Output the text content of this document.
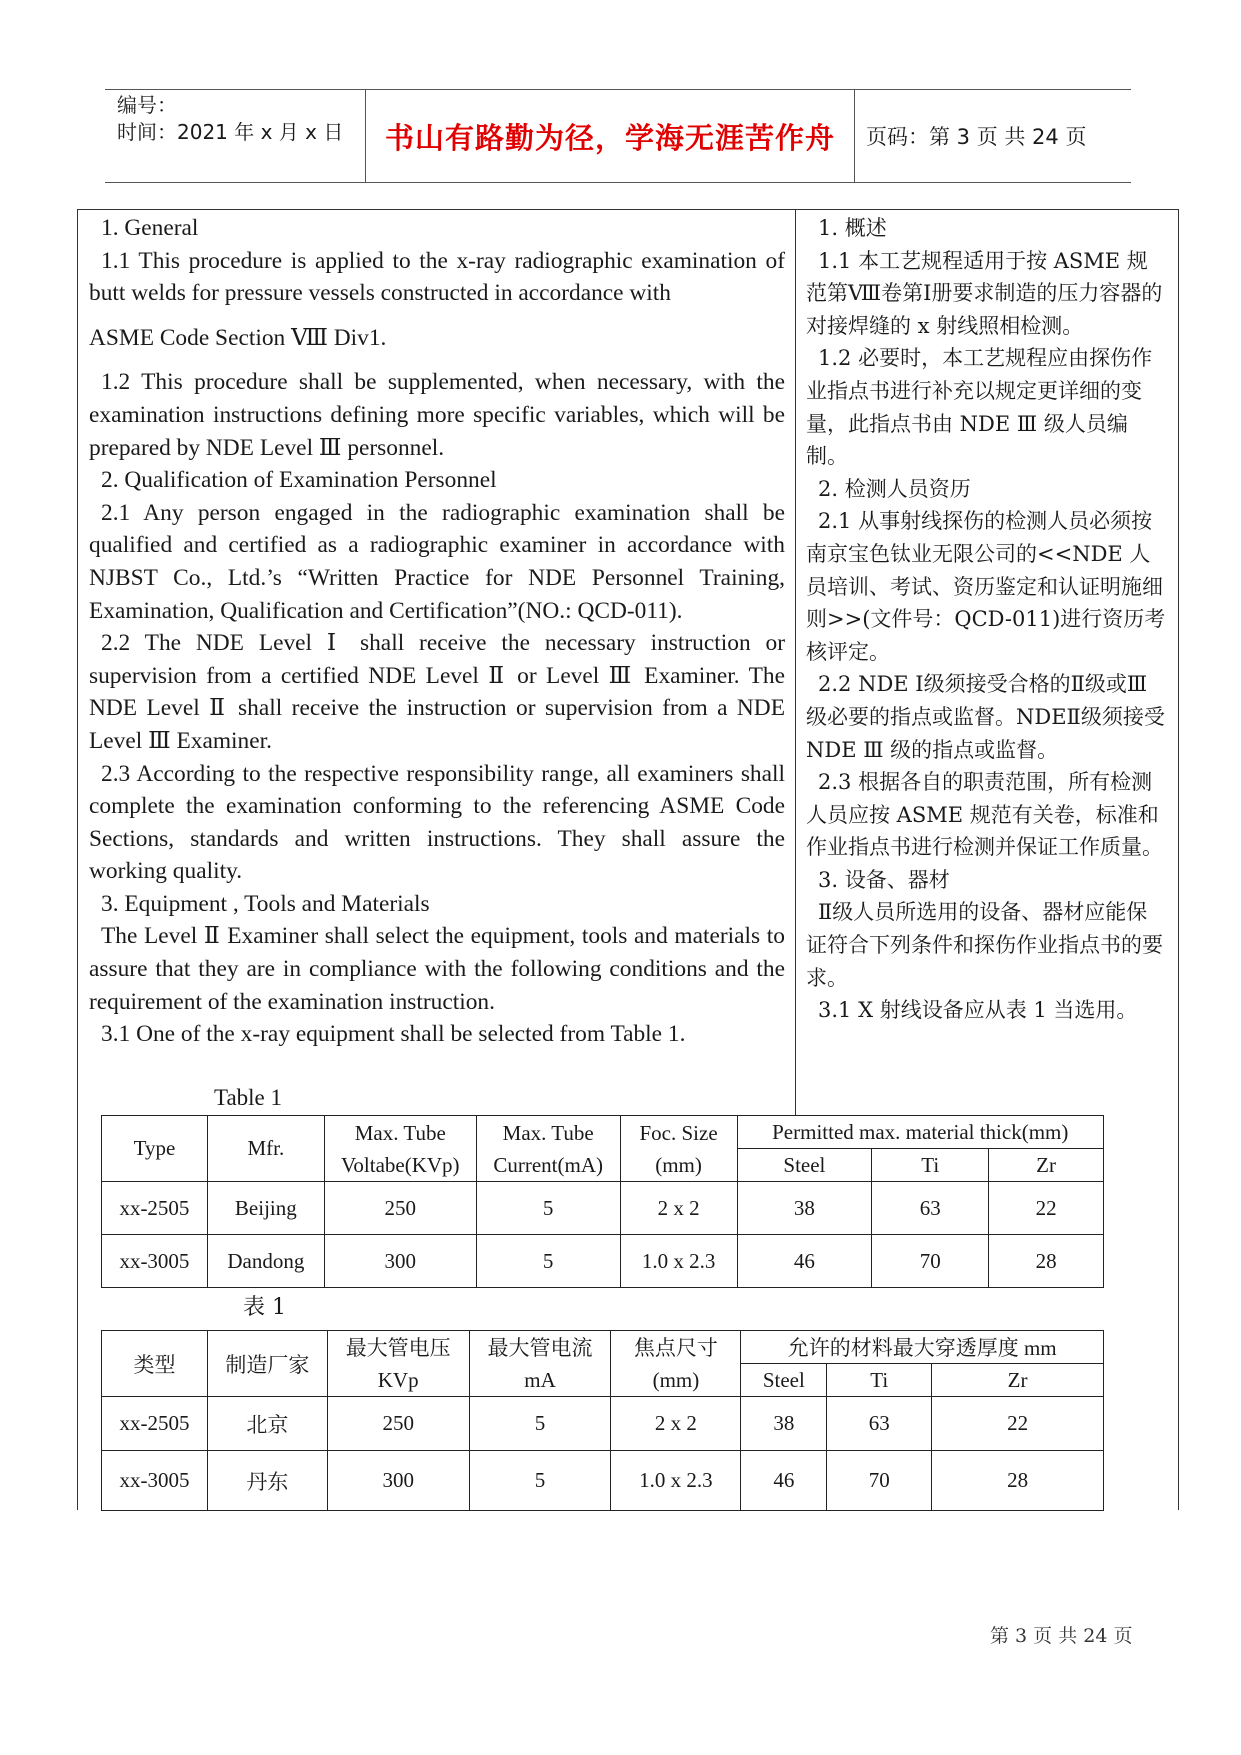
编号：
时间：2021 年 x 月 x 日	书山有路勤为径，学海无涯苦作舟	页码：第 3 页 共 24 页

1. General

1.1 This procedure is applied to the x-ray radiographic examination of butt welds for pressure vessels constructed in accordance with

ASME Code Section Ⅷ Div1.

1.2 This procedure shall be supplemented, when necessary, with the examination instructions defining more specific variables, which will be prepared by NDE Level Ⅲ personnel.

2. Qualification of Examination Personnel

2.1 Any person engaged in the radiographic examination shall be qualified and certified as a radiographic examiner in accordance with NJBST Co., Ltd.’s “Written Practice for NDE Personnel Training, Examination, Qualification and Certification”(NO.: QCD-011).

2.2 The NDE Level Ⅰ shall receive the necessary instruction or supervision from a certified NDE Level Ⅱ or Level Ⅲ Examiner. The NDE Level Ⅱ shall receive the instruction or supervision from a NDE Level Ⅲ Examiner.

2.3 According to the respective responsibility range, all examiners shall complete the examination conforming to the referencing ASME Code Sections, standards and written instructions. They shall assure the working quality.

3. Equipment , Tools and Materials

The Level Ⅱ Examiner shall select the equipment, tools and materials to assure that they are in compliance with the following conditions and the requirement of the examination instruction.

3.1 One of the x-ray equipment shall be selected from Table 1.

1. 概述

1.1 本工艺规程适用于按 ASME 规范第Ⅷ卷第Ⅰ册要求制造的压力容器的对接焊缝的 x 射线照相检测。

1.2 必要时，本工艺规程应由探伤作业指点书进行补充以规定更详细的变量，此指点书由 NDE Ⅲ 级人员编制。

2. 检测人员资历

2.1 从事射线探伤的检测人员必须按南京宝色钛业无限公司的<<NDE 人员培训、考试、资历鉴定和认证明施细则>>(文件号：QCD-011)进行资历考核评定。

2.2 NDE Ⅰ级须接受合格的Ⅱ级或Ⅲ级必要的指点或监督。NDEⅡ级须接受 NDE Ⅲ 级的指点或监督。

2.3 根据各自的职责范围，所有检测人员应按 ASME 规范有关卷，标准和作业指点书进行检测并保证工作质量。

3. 设备、器材

Ⅱ级人员所选用的设备、器材应能保证符合下列条件和探伤作业指点书的要求。

3.1 X 射线设备应从表 1 当选用。

Table 1
Type	Mfr.	Max. Tube Voltabe(KVp)	Max. Tube Current(mA)	Foc. Size (mm)	Permitted max. material thick(mm)		
					Steel	Ti	Zr
xx-2505	Beijing	250	5	2 x 2	38	63	22
xx-3005	Dandong	300	5	1.0 x 2.3	46	70	28
表 1
类型	制造厂家	最大管电压 KVp	最大管电流 mA	焦点尺寸 (mm)	允许的材料最大穿透厚度 mm		
					Steel	Ti	Zr
xx-2505	北京	250	5	2 x 2	38	63	22
xx-3005	丹东	300	5	1.0 x 2.3	46	70	28
第 3 页 共 24 页
